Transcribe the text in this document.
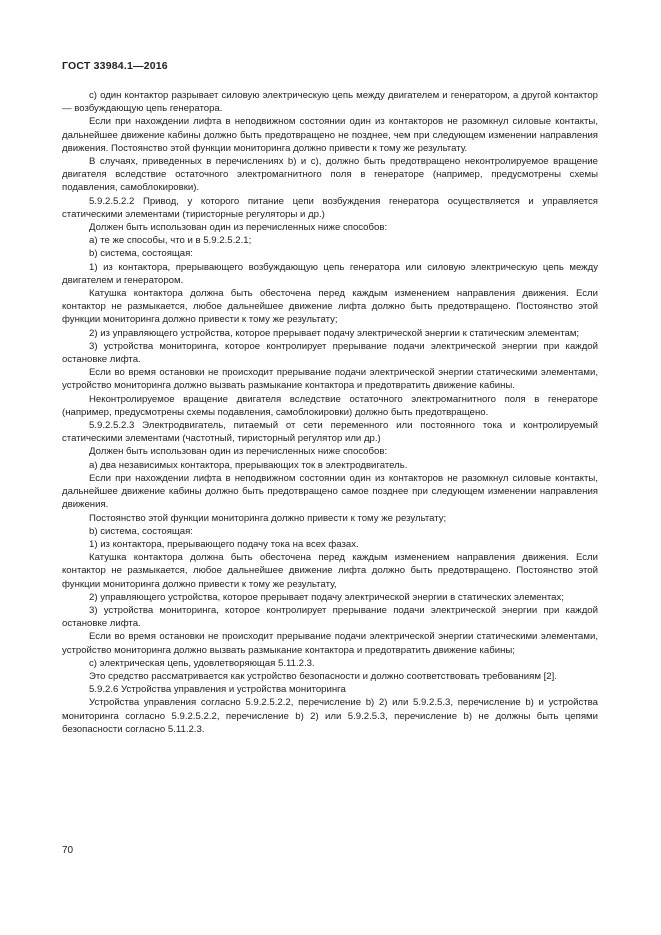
ГОСТ 33984.1—2016

c) один контактор разрывает силовую электрическую цепь между двигателем и генератором, а другой контактор — возбуждающую цепь генератора.

Если при нахождении лифта в неподвижном состоянии один из контакторов не разомкнул силовые контакты, дальнейшее движение кабины должно быть предотвращено не позднее, чем при следующем изменении направления движения. Постоянство этой функции мониторинга должно привести к тому же результату.

В случаях, приведенных в перечислениях b) и c), должно быть предотвращено неконтролируемое вращение двигателя вследствие остаточного электромагнитного поля в генераторе (например, предусмотрены схемы подавления, самоблокировки).

5.9.2.5.2.2 Привод, у которого питание цепи возбуждения генератора осуществляется и управляется статическими элементами (тиристорные регуляторы и др.)

Должен быть использован один из перечисленных ниже способов:

a) те же способы, что и в 5.9.2.5.2.1;

b) система, состоящая:

1) из контактора, прерывающего возбуждающую цепь генератора или силовую электрическую цепь между двигателем и генератором.

Катушка контактора должна быть обесточена перед каждым изменением направления движения. Если контактор не размыкается, любое дальнейшее движение лифта должно быть предотвращено. Постоянство этой функции мониторинга должно привести к тому же результату;

2) из управляющего устройства, которое прерывает подачу электрической энергии к статическим элементам;

3) устройства мониторинга, которое контролирует прерывание подачи электрической энергии при каждой остановке лифта.

Если во время остановки не происходит прерывание подачи электрической энергии статическими элементами, устройство мониторинга должно вызвать размыкание контактора и предотвратить движение кабины.

Неконтролируемое вращение двигателя вследствие остаточного электромагнитного поля в генераторе (например, предусмотрены схемы подавления, самоблокировки) должно быть предотвращено.

5.9.2.5.2.3 Электродвигатель, питаемый от сети переменного или постоянного тока и контролируемый статическими элементами (частотный, тиристорный регулятор или др.)

Должен быть использован один из перечисленных ниже способов:

a) два независимых контактора, прерывающих ток в электродвигатель.

Если при нахождении лифта в неподвижном состоянии один из контакторов не разомкнул силовые контакты, дальнейшее движение кабины должно быть предотвращено самое позднее при следующем изменении направления движения.

Постоянство этой функции мониторинга должно привести к тому же результату;

b) система, состоящая:

1) из контактора, прерывающего подачу тока на всех фазах.

Катушка контактора должна быть обесточена перед каждым изменением направления движения. Если контактор не размыкается, любое дальнейшее движение лифта должно быть предотвращено. Постоянство этой функции мониторинга должно привести к тому же результату,

2) управляющего устройства, которое прерывает подачу электрической энергии в статических элементах;

3) устройства мониторинга, которое контролирует прерывание подачи электрической энергии при каждой остановке лифта.

Если во время остановки не происходит прерывание подачи электрической энергии статическими элементами, устройство мониторинга должно вызвать размыкание контактора и предотвратить движение кабины;

c) электрическая цепь, удовлетворяющая 5.11.2.3.

Это средство рассматривается как устройство безопасности и должно соответствовать требованиям [2].

5.9.2.6 Устройства управления и устройства мониторинга

Устройства управления согласно 5.9.2.5.2.2, перечисление b) 2) или 5.9.2.5.3, перечисление b) и устройства мониторинга согласно 5.9.2.5.2.2, перечисление b) 2) или 5.9.2.5.3, перечисление b) не должны быть цепями безопасности согласно 5.11.2.3.

70
